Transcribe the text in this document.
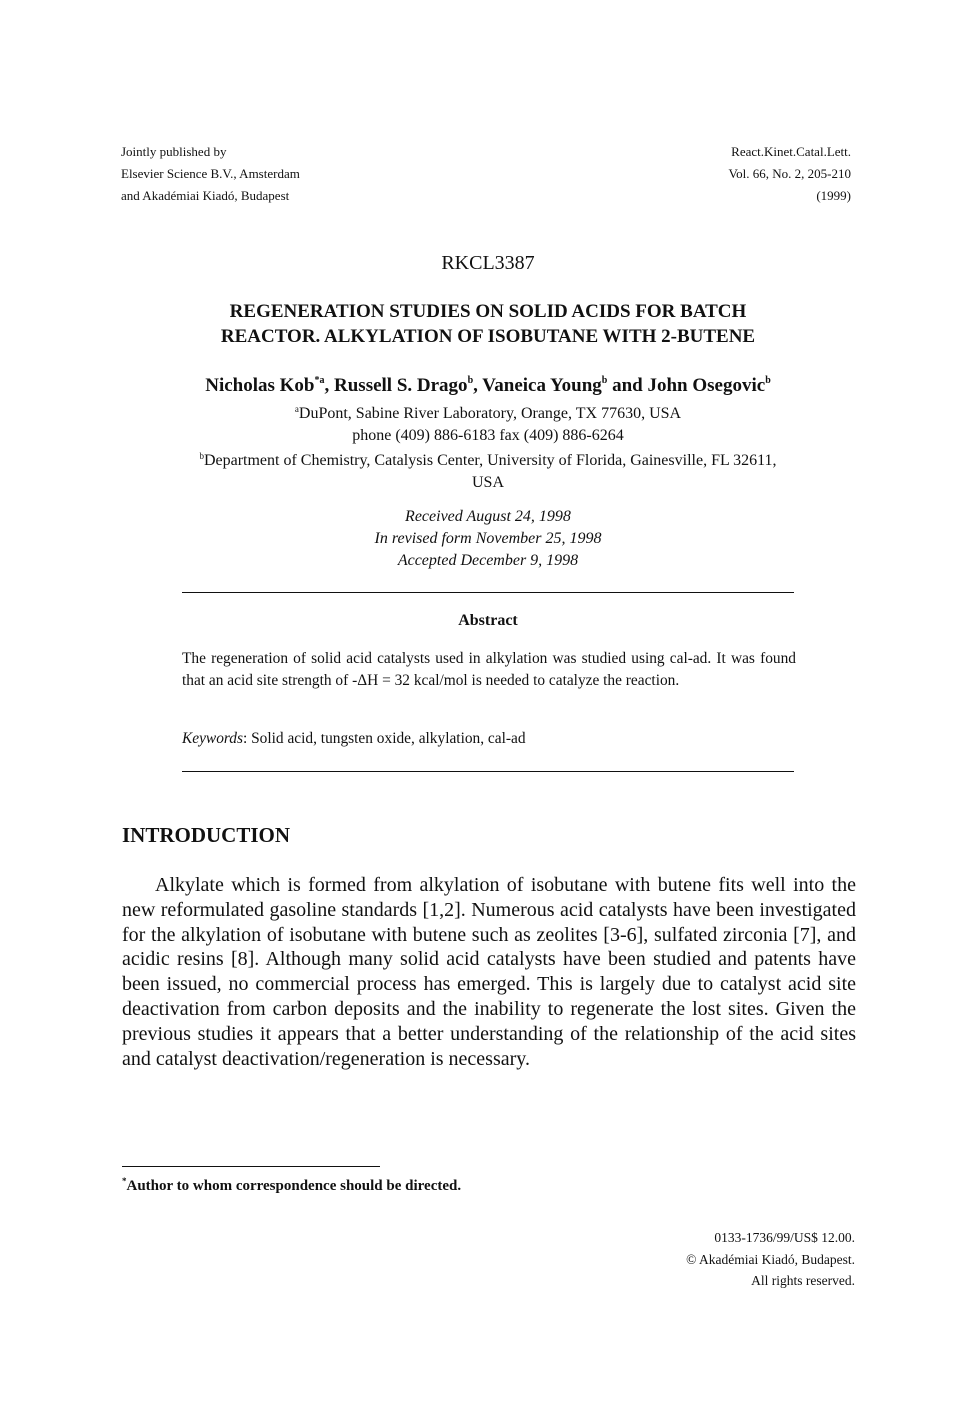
Jointly published by
Elsevier Science B.V., Amsterdam
and Akadémiai Kiadó, Budapest
React.Kinet.Catal.Lett.
Vol. 66, No. 2, 205-210
(1999)
RKCL3387
REGENERATION STUDIES ON SOLID ACIDS FOR BATCH
REACTOR. ALKYLATION OF ISOBUTANE WITH 2-BUTENE
Nicholas Kob$^{*a}$, Russell S. Drago$^b$, Vaneica Young$^b$ and John Osegovic$^b$
$^a$DuPont, Sabine River Laboratory, Orange, TX 77630, USA
phone (409) 886-6183 fax (409) 886-6264
$^b$Department of Chemistry, Catalysis Center, University of Florida, Gainesville, FL 32611,
USA
Received August 24, 1998
In revised form November 25, 1998
Accepted December 9, 1998
Abstract
The regeneration of solid acid catalysts used in alkylation was studied using cal-ad. It was found that an acid site strength of -ΔH = 32 kcal/mol is needed to catalyze the reaction.
Keywords: Solid acid, tungsten oxide, alkylation, cal-ad
INTRODUCTION
Alkylate which is formed from alkylation of isobutane with butene fits well into the new reformulated gasoline standards [1,2]. Numerous acid catalysts have been investigated for the alkylation of isobutane with butene such as zeolites [3-6], sulfated zirconia [7], and acidic resins [8]. Although many solid acid catalysts have been studied and patents have been issued, no commercial process has emerged. This is largely due to catalyst acid site deactivation from carbon deposits and the inability to regenerate the lost sites. Given the previous studies it appears that a better understanding of the relationship of the acid sites and catalyst deactivation/regeneration is necessary.
*Author to whom correspondence should be directed.
0133-1736/99/US$ 12.00.
© Akadémiai Kiadó, Budapest.
All rights reserved.
